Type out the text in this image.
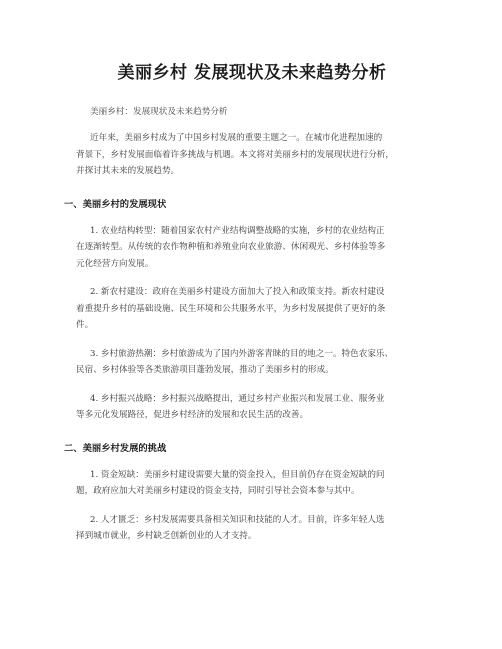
美丽乡村 发展现状及未来趋势分析
美丽乡村：发展现状及未来趋势分析
近年来，美丽乡村成为了中国乡村发展的重要主题之一。在城市化进程加速的
背景下，乡村发展面临着许多挑战与机遇。本文将对美丽乡村的发展现状进行分析，
并探讨其未来的发展趋势。
一、美丽乡村的发展现状
1. 农业结构转型：随着国家农村产业结构调整战略的实施，乡村的农业结构正
在逐渐转型。从传统的农作物种植和养殖业向农业旅游、休闲观光、乡村体验等多
元化经营方向发展。
2. 新农村建设：政府在美丽乡村建设方面加大了投入和政策支持。新农村建设
着重提升乡村的基础设施、民生环境和公共服务水平，为乡村发展提供了更好的条
件。
3. 乡村旅游热潮：乡村旅游成为了国内外游客青睐的目的地之一。特色农家乐、
民宿、乡村体验等各类旅游项目蓬勃发展，推动了美丽乡村的形成。
4. 乡村振兴战略：乡村振兴战略提出，通过乡村产业振兴和发展工业、服务业
等多元化发展路径，促进乡村经济的发展和农民生活的改善。
二、美丽乡村发展的挑战
1. 资金短缺：美丽乡村建设需要大量的资金投入，但目前仍存在资金短缺的问
题，政府应加大对美丽乡村建设的资金支持，同时引导社会资本参与其中。
2. 人才匮乏：乡村发展需要具备相关知识和技能的人才。目前，许多年轻人选
择到城市就业，乡村缺乏创新创业的人才支持。
